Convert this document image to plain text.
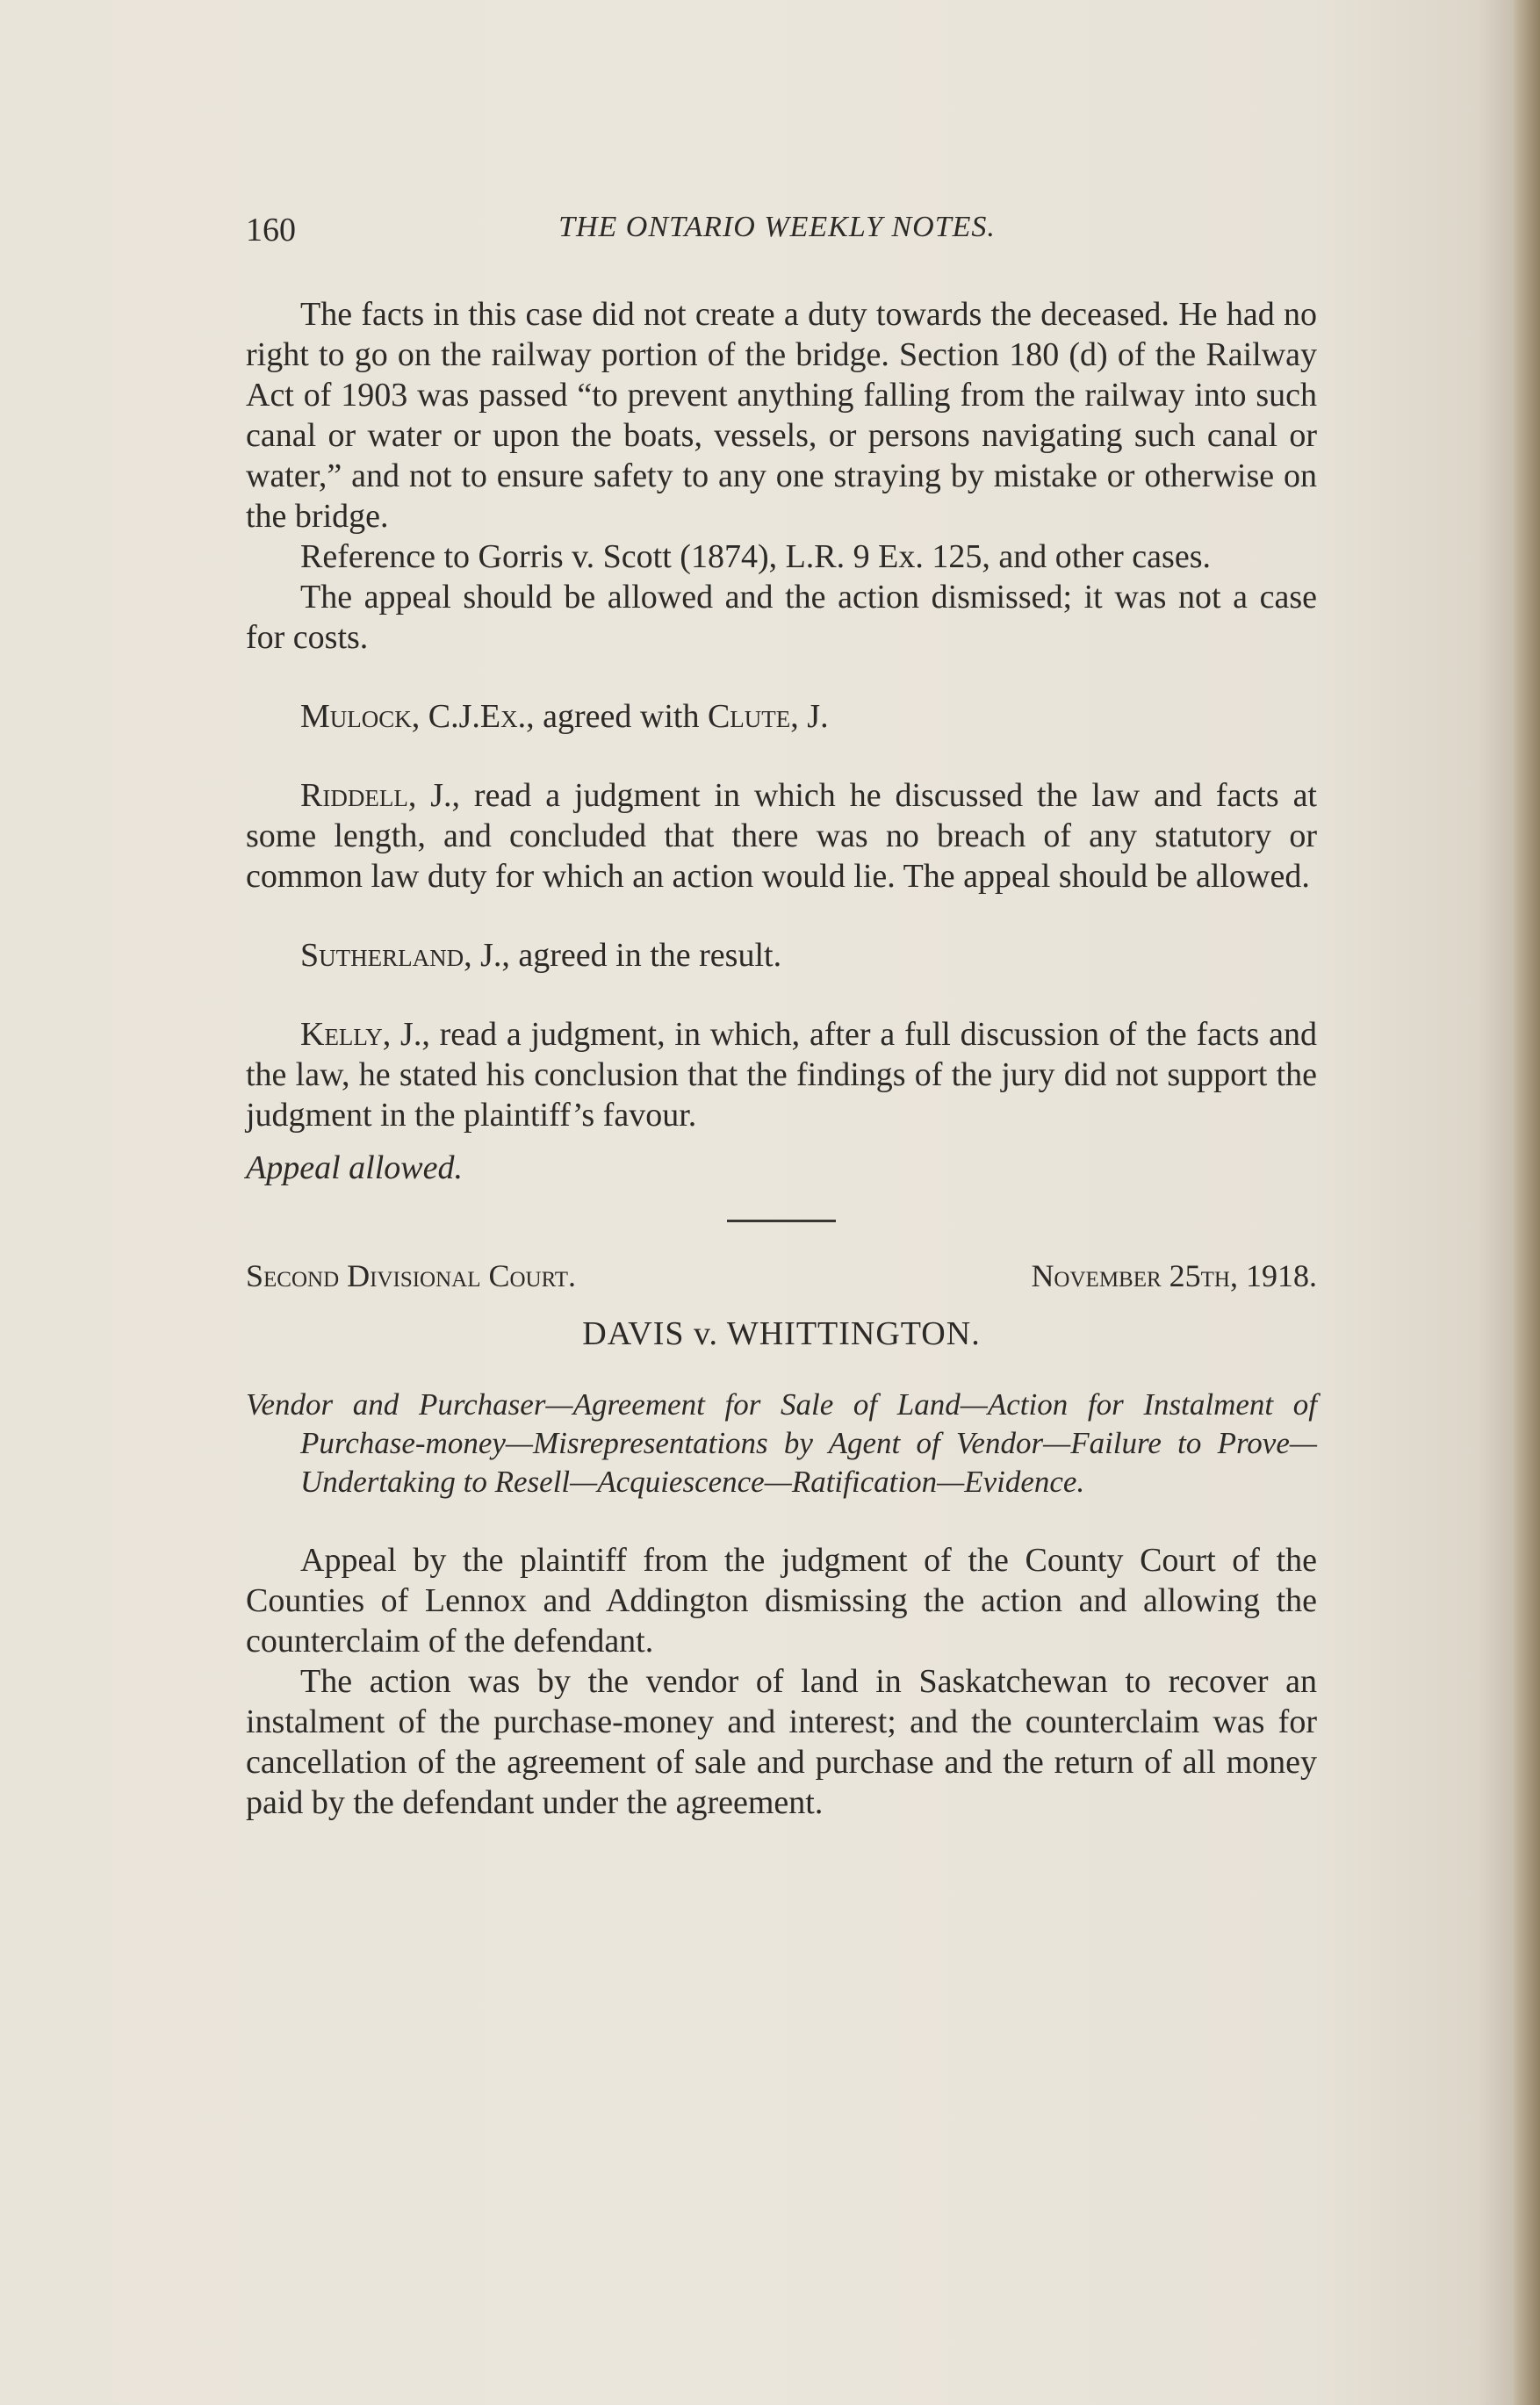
160	THE ONTARIO WEEKLY NOTES.

The facts in this case did not create a duty towards the deceased. He had no right to go on the railway portion of the bridge. Section 180 (d) of the Railway Act of 1903 was passed “to prevent anything falling from the railway into such canal or water or upon the boats, vessels, or persons navigating such canal or water,” and not to ensure safety to any one straying by mistake or otherwise on the bridge.

Reference to Gorris v. Scott (1874), L.R. 9 Ex. 125, and other cases.

The appeal should be allowed and the action dismissed; it was not a case for costs.

Mulock, C.J.Ex., agreed with Clute, J.

Riddell, J., read a judgment in which he discussed the law and facts at some length, and concluded that there was no breach of any statutory or common law duty for which an action would lie. The appeal should be allowed.

Sutherland, J., agreed in the result.

Kelly, J., read a judgment, in which, after a full discussion of the facts and the law, he stated his conclusion that the findings of the jury did not support the judgment in the plaintiff’s favour.

Appeal allowed.

Second Divisional Court.	November 25th, 1918.
DAVIS v. WHITTINGTON.

Vendor and Purchaser—Agreement for Sale of Land—Action for Instalment of Purchase-money—Misrepresentations by Agent of Vendor—Failure to Prove—Undertaking to Resell—Acquiescence—Ratification—Evidence.

Appeal by the plaintiff from the judgment of the County Court of the Counties of Lennox and Addington dismissing the action and allowing the counterclaim of the defendant.

The action was by the vendor of land in Saskatchewan to recover an instalment of the purchase-money and interest; and the counterclaim was for cancellation of the agreement of sale and purchase and the return of all money paid by the defendant under the agreement.
